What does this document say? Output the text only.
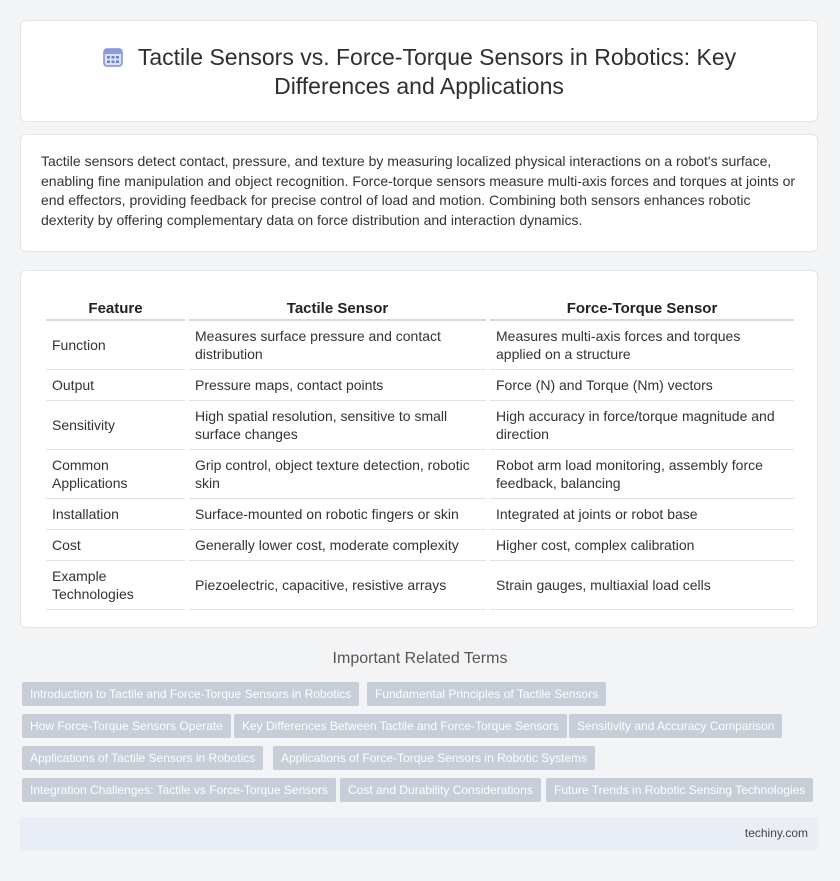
Tactile Sensors vs. Force-Torque Sensors in Robotics: Key
Differences and Applications
Tactile sensors detect contact, pressure, and texture by measuring localized physical interactions on a robot's surface, enabling fine manipulation and object recognition. Force-torque sensors measure multi-axis forces and torques at joints or end effectors, providing feedback for precise control of load and motion. Combining both sensors enhances robotic dexterity by offering complementary data on force distribution and interaction dynamics.
Feature	Tactile Sensor	Force-Torque Sensor
Function	Measures surface pressure and contact distribution	Measures multi-axis forces and torques applied on a structure
Output	Pressure maps, contact points	Force (N) and Torque (Nm) vectors
Sensitivity	High spatial resolution, sensitive to small surface changes	High accuracy in force/torque magnitude and direction
Common Applications	Grip control, object texture detection, robotic skin	Robot arm load monitoring, assembly force feedback, balancing
Installation	Surface-mounted on robotic fingers or skin	Integrated at joints or robot base
Cost	Generally lower cost, moderate complexity	Higher cost, complex calibration
Example Technologies	Piezoelectric, capacitive, resistive arrays	Strain gauges, multiaxial load cells
Important Related Terms
Introduction to Tactile and Force-Torque Sensors in Robotics	Fundamental Principles of Tactile Sensors
How Force-Torque Sensors Operate	Key Differences Between Tactile and Force-Torque Sensors	Sensitivity and Accuracy Comparison
Applications of Tactile Sensors in Robotics	Applications of Force-Torque Sensors in Robotic Systems
Integration Challenges: Tactile vs Force-Torque Sensors	Cost and Durability Considerations	Future Trends in Robotic Sensing Technologies
techiny.com
